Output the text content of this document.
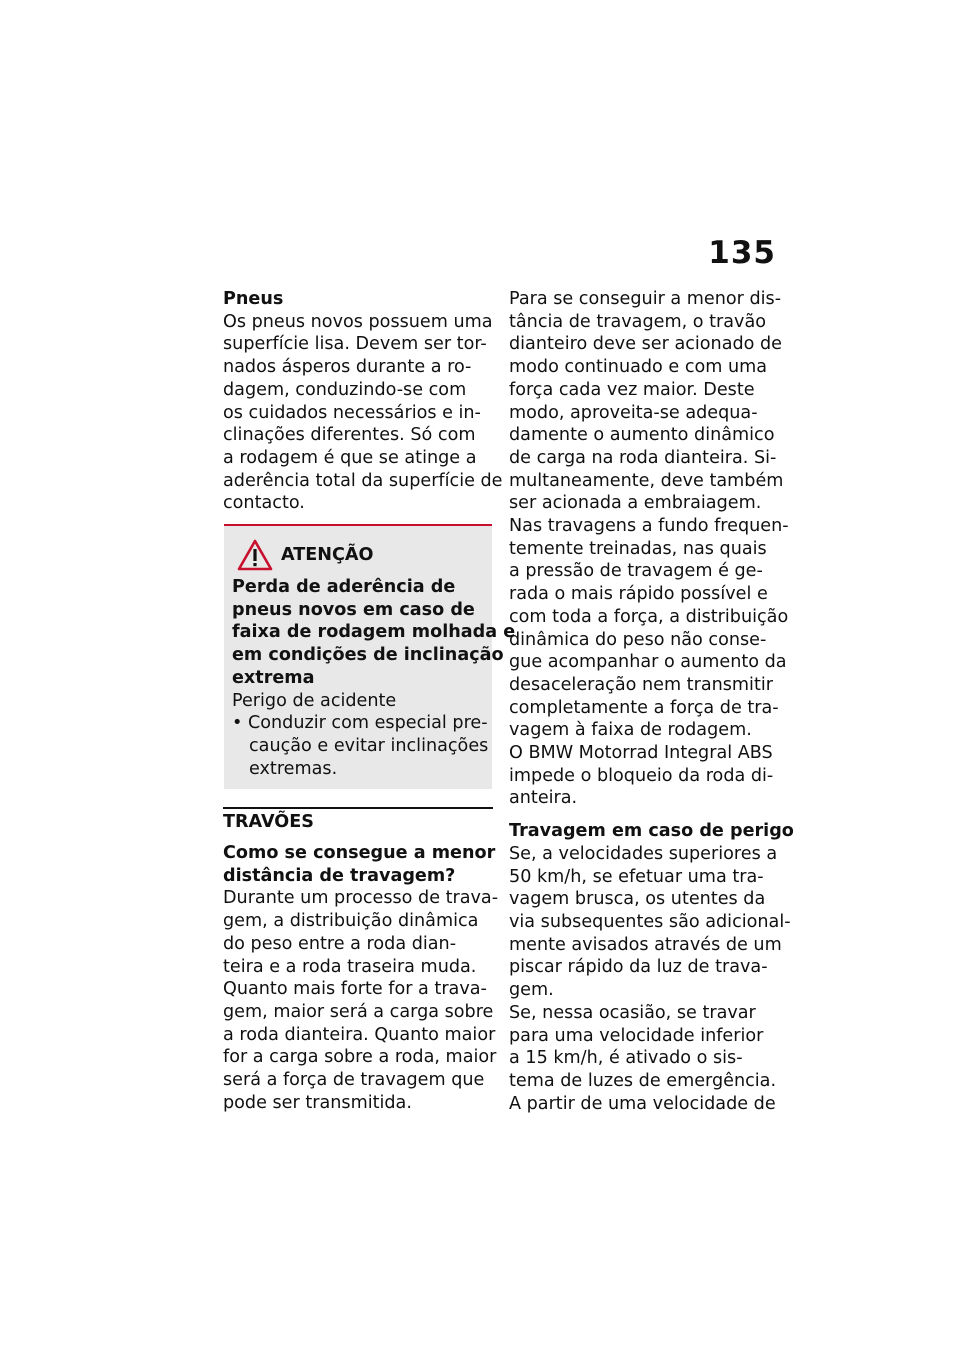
135
Pneus
Os pneus novos possuem uma
superfície lisa. Devem ser tor-
nados ásperos durante a ro-
dagem, conduzindo-se com
os cuidados necessários e in-
clinações diferentes. Só com
a rodagem é que se atinge a
aderência total da superfície de
contacto.
ATENÇÃO
Perda de aderência de
pneus novos em caso de
faixa de rodagem molhada e
em condições de inclinação
extrema
Perigo de acidente
• Conduzir com especial pre-
caução e evitar inclinações
extremas.
TRAVÕES
Como se consegue a menor
distância de travagem?
Durante um processo de trava-
gem, a distribuição dinâmica
do peso entre a roda dian-
teira e a roda traseira muda.
Quanto mais forte for a trava-
gem, maior será a carga sobre
a roda dianteira. Quanto maior
for a carga sobre a roda, maior
será a força de travagem que
pode ser transmitida.
Para se conseguir a menor dis-
tância de travagem, o travão
dianteiro deve ser acionado de
modo continuado e com uma
força cada vez maior. Deste
modo, aproveita-se adequa-
damente o aumento dinâmico
de carga na roda dianteira. Si-
multaneamente, deve também
ser acionada a embraiagem.
Nas travagens a fundo frequen-
temente treinadas, nas quais
a pressão de travagem é ge-
rada o mais rápido possível e
com toda a força, a distribuição
dinâmica do peso não conse-
gue acompanhar o aumento da
desaceleração nem transmitir
completamente a força de tra-
vagem à faixa de rodagem.
O BMW Motorrad Integral ABS
impede o bloqueio da roda di-
anteira.
Travagem em caso de perigo
Se, a velocidades superiores a
50 km/h, se efetuar uma tra-
vagem brusca, os utentes da
via subsequentes são adicional-
mente avisados através de um
piscar rápido da luz de trava-
gem.
Se, nessa ocasião, se travar
para uma velocidade inferior
a 15 km/h, é ativado o sis-
tema de luzes de emergência.
A partir de uma velocidade de
